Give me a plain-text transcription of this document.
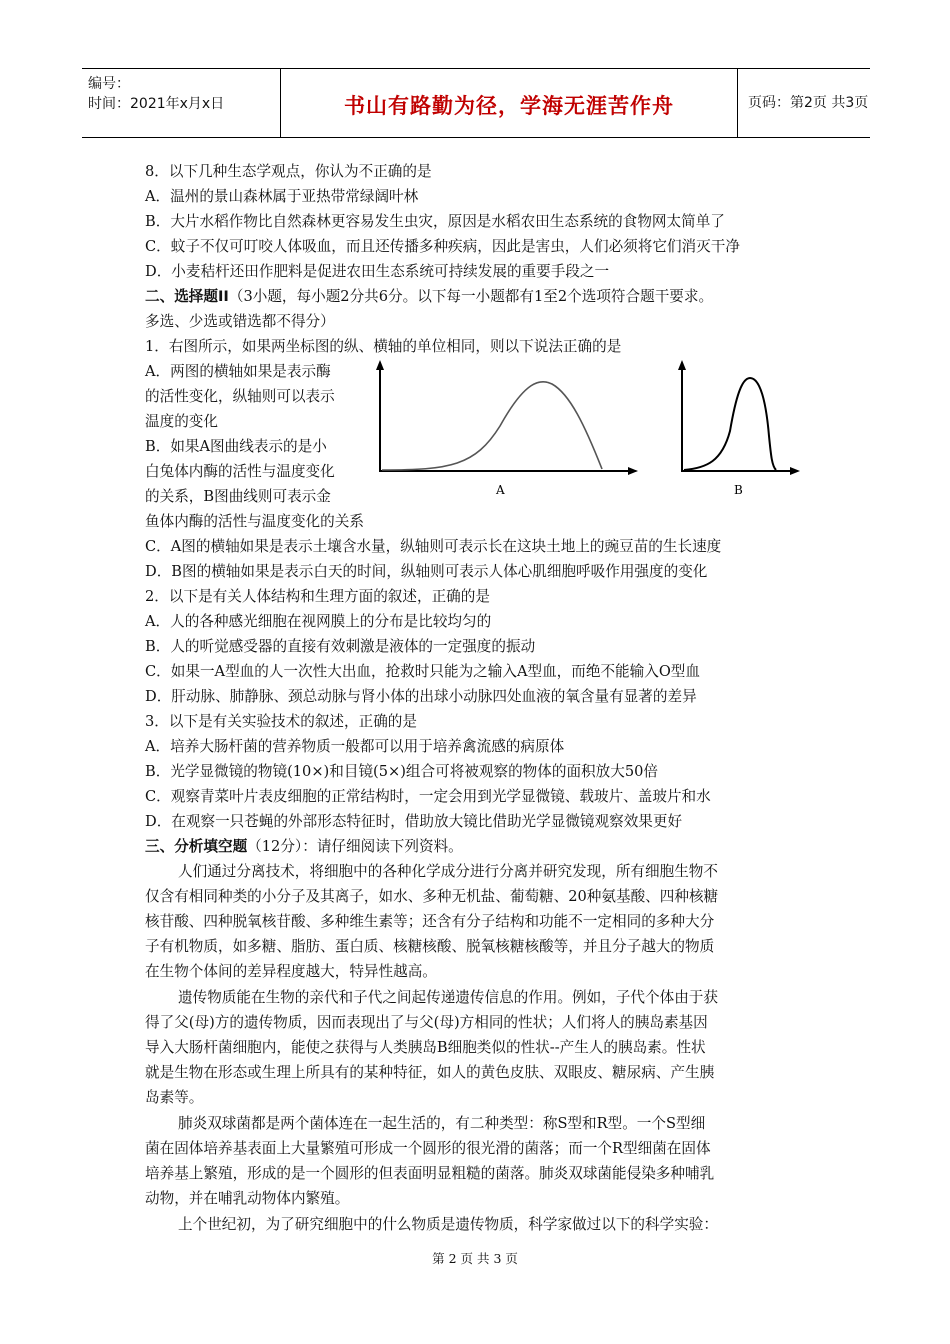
编号：
时间：2021年x月x日	书山有路勤为径，学海无涯苦作舟	页码：第2页 共3页
8．以下几种生态学观点，你认为不正确的是
A．温州的景山森林属于亚热带常绿阔叶林
B．大片水稻作物比自然森林更容易发生虫灾，原因是水稻农田生态系统的食物网太简单了
C．蚊子不仅可叮咬人体吸血，而且还传播多种疾病，因此是害虫，人们必须将它们消灭干净
D．小麦秸杆还田作肥料是促进农田生态系统可持续发展的重要手段之一
二、选择题II（3小题，每小题2分共6分。以下每一小题都有1至2个选项符合题干要求。
多选、少选或错选都不得分）
1．右图所示，如果两坐标图的纵、横轴的单位相同，则以下说法正确的是
A．两图的横轴如果是表示酶
的活性变化，纵轴则可以表示
温度的变化
B．如果A图曲线表示的是小
白兔体内酶的活性与温度变化
的关系，B图曲线则可表示金
鱼体内酶的活性与温度变化的关系
A	B
C．A图的横轴如果是表示土壤含水量，纵轴则可表示长在这块土地上的豌豆苗的生长速度
D．B图的横轴如果是表示白天的时间，纵轴则可表示人体心肌细胞呼吸作用强度的变化
2．以下是有关人体结构和生理方面的叙述，正确的是
A．人的各种感光细胞在视网膜上的分布是比较均匀的
B．人的听觉感受器的直接有效刺激是液体的一定强度的振动
C．如果一A型血的人一次性大出血，抢救时只能为之输入A型血，而绝不能输入O型血
D．肝动脉、肺静脉、颈总动脉与肾小体的出球小动脉四处血液的氧含量有显著的差异
3．以下是有关实验技术的叙述，正确的是
A．培养大肠杆菌的营养物质一般都可以用于培养禽流感的病原体
B．光学显微镜的物镜(10×)和目镜(5×)组合可将被观察的物体的面积放大50倍
C．观察青菜叶片表皮细胞的正常结构时，一定会用到光学显微镜、载玻片、盖玻片和水
D．在观察一只苍蝇的外部形态特征时，借助放大镜比借助光学显微镜观察效果更好
三、分析填空题（12分）：请仔细阅读下列资料。
人们通过分离技术，将细胞中的各种化学成分进行分离并研究发现，所有细胞生物不
仅含有相同种类的小分子及其离子，如水、多种无机盐、葡萄糖、20种氨基酸、四种核糖
核苷酸、四种脱氧核苷酸、多种维生素等；还含有分子结构和功能不一定相同的多种大分
子有机物质，如多糖、脂肪、蛋白质、核糖核酸、脱氧核糖核酸等，并且分子越大的物质
在生物个体间的差异程度越大，特异性越高。
遗传物质能在生物的亲代和子代之间起传递遗传信息的作用。例如，子代个体由于获
得了父(母)方的遗传物质，因而表现出了与父(母)方相同的性状；人们将人的胰岛素基因
导入大肠杆菌细胞内，能使之获得与人类胰岛B细胞类似的性状--产生人的胰岛素。性状
就是生物在形态或生理上所具有的某种特征，如人的黄色皮肤、双眼皮、糖尿病、产生胰
岛素等。
肺炎双球菌都是两个菌体连在一起生活的，有二种类型：称S型和R型。一个S型细
菌在固体培养基表面上大量繁殖可形成一个圆形的很光滑的菌落；而一个R型细菌在固体
培养基上繁殖，形成的是一个圆形的但表面明显粗糙的菌落。肺炎双球菌能侵染多种哺乳
动物，并在哺乳动物体内繁殖。
上个世纪初，为了研究细胞中的什么物质是遗传物质，科学家做过以下的科学实验：
第 2 页 共 3 页
